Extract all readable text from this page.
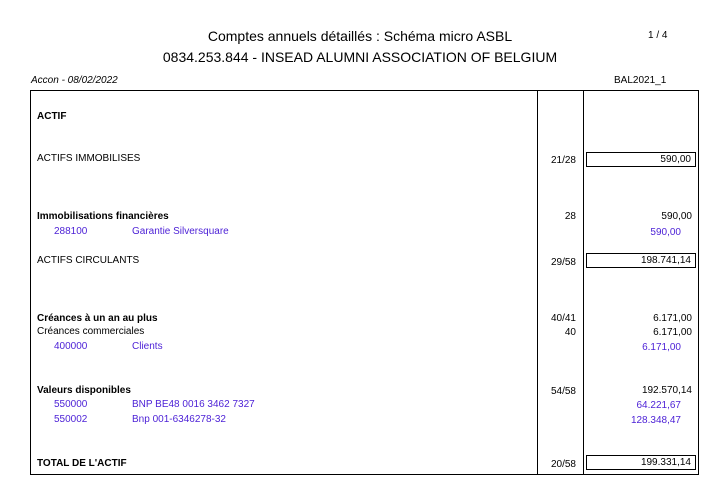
Comptes annuels détaillés : Schéma micro ASBL
0834.253.844 - INSEAD ALUMNI ASSOCIATION OF BELGIUM
1 / 4
Accon - 08/02/2022	BAL2021_1
ACTIF
ACTIFS IMMOBILISES	21/28	590,00
Immobilisations financières	28	590,00
288100	Garantie Silversquare	590,00
ACTIFS CIRCULANTS	29/58	198.741,14
Créances à un an au plus	40/41	6.171,00
Créances commerciales	40	6.171,00
400000	Clients	6.171,00
Valeurs disponibles	54/58	192.570,14
550000	BNP BE48 0016 3462 7327	64.221,67
550002	Bnp 001-6346278-32	128.348,47
TOTAL DE L'ACTIF	20/58	199.331,14
